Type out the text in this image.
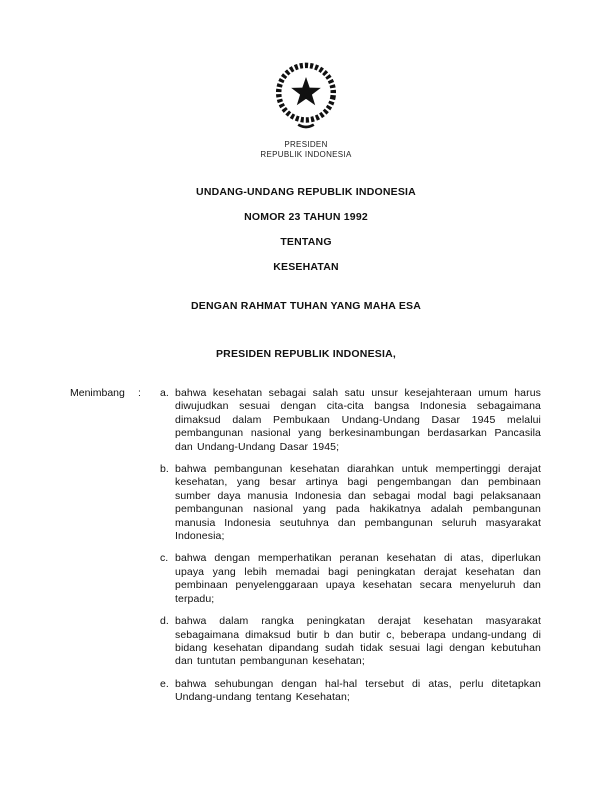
PRESIDEN
REPUBLIK INDONESIA
UNDANG-UNDANG REPUBLIK INDONESIA
NOMOR 23 TAHUN 1992
TENTANG
KESEHATAN
DENGAN RAHMAT TUHAN YANG MAHA ESA
PRESIDEN REPUBLIK INDONESIA,
Menimbang	:	a. bahwa kesehatan sebagai salah satu unsur kesejahteraan umum harus diwujudkan sesuai dengan cita-cita bangsa Indonesia sebagaimana dimaksud dalam Pembukaan Undang-Undang Dasar 1945 melalui pembangunan nasional yang berkesinambungan berdasarkan Pancasila dan Undang-Undang Dasar 1945;

b. bahwa pembangunan kesehatan diarahkan untuk mempertinggi derajat kesehatan, yang besar artinya bagi pengembangan dan pembinaan sumber daya manusia Indonesia dan sebagai modal bagi pelaksanaan pembangunan nasional yang pada hakikatnya adalah pembangunan manusia Indonesia seutuhnya dan pembangunan seluruh masyarakat Indonesia;

c. bahwa dengan memperhatikan peranan kesehatan di atas, diperlukan upaya yang lebih memadai bagi peningkatan derajat kesehatan dan pembinaan penyelenggaraan upaya kesehatan secara menyeluruh dan terpadu;

d. bahwa dalam rangka peningkatan derajat kesehatan masyarakat sebagaimana dimaksud butir b dan butir c, beberapa undang-undang di bidang kesehatan dipandang sudah tidak sesuai lagi dengan kebutuhan dan tuntutan pembangunan kesehatan;

e. bahwa sehubungan dengan hal-hal tersebut di atas, perlu ditetapkan Undang-undang tentang Kesehatan;
